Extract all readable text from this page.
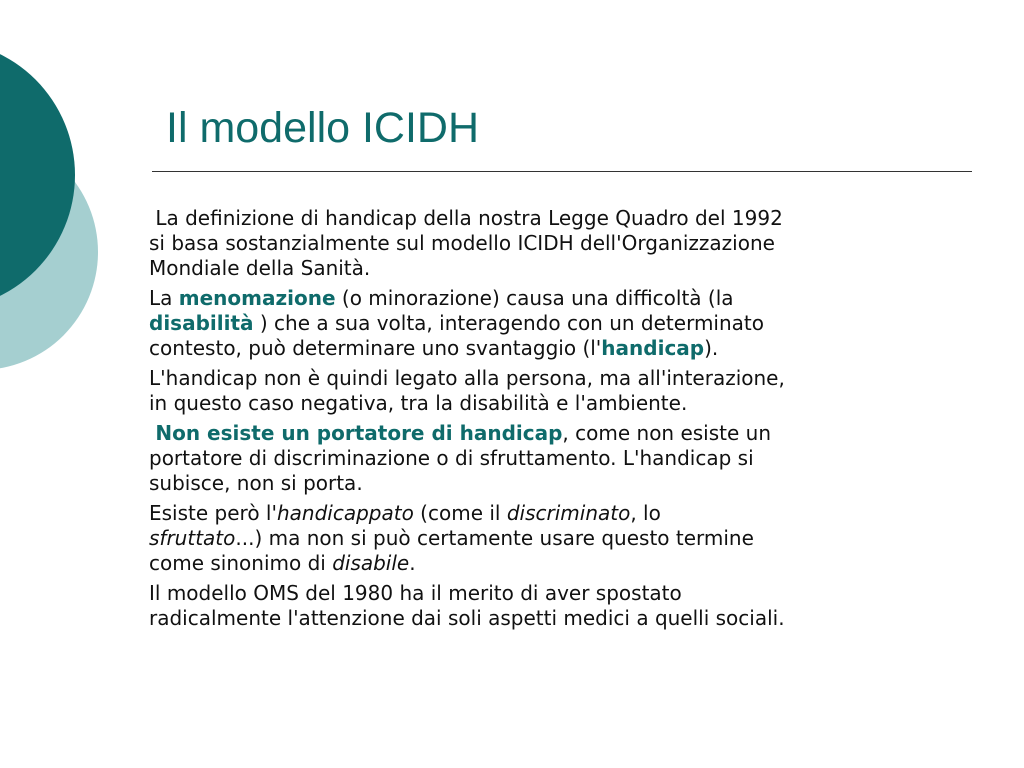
Il modello ICIDH
La definizione di handicap della nostra Legge Quadro del 1992
si basa sostanzialmente sul modello ICIDH dell'Organizzazione
Mondiale della Sanità.
La menomazione (o minorazione) causa una difficoltà (la
disabilità ) che a sua volta, interagendo con un determinato
contesto, può determinare uno svantaggio (l'handicap).
L'handicap non è quindi legato alla persona, ma all'interazione,
in questo caso negativa, tra la disabilità e l'ambiente.
Non esiste un portatore di handicap, come non esiste un
portatore di discriminazione o di sfruttamento. L'handicap si
subisce, non si porta.
Esiste però l'handicappato (come il discriminato, lo
sfruttato...) ma non si può certamente usare questo termine
come sinonimo di disabile.
Il modello OMS del 1980 ha il merito di aver spostato
radicalmente l'attenzione dai soli aspetti medici a quelli sociali.
